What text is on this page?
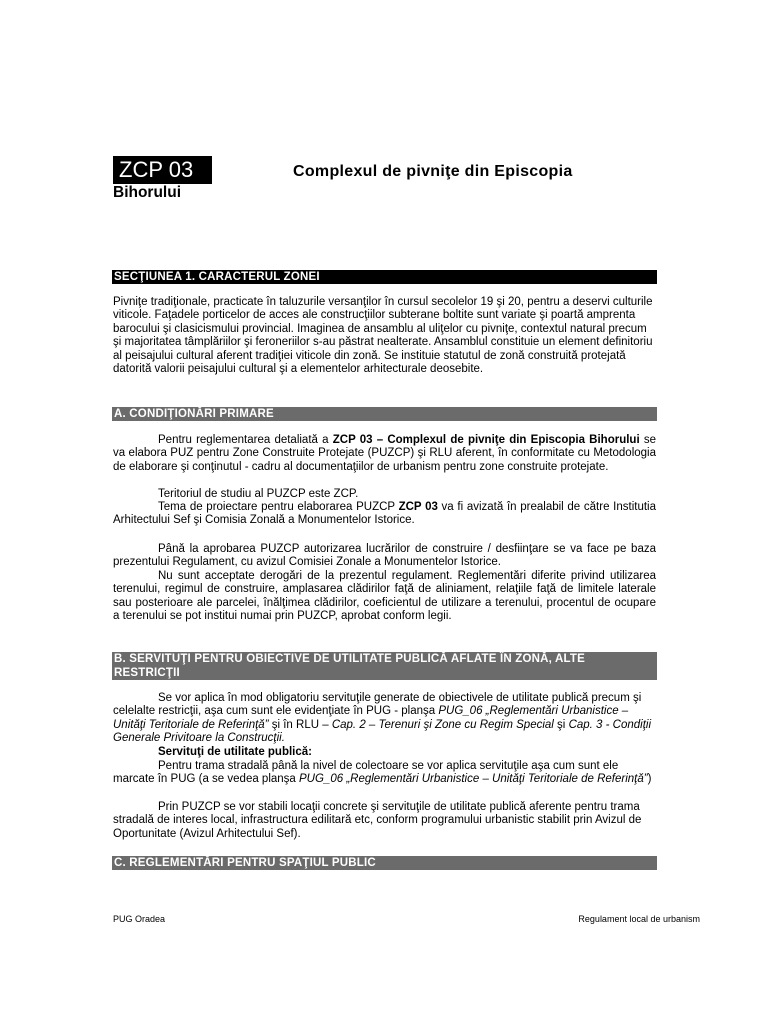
ZCP 03	Complexul de pivniţe din Episcopia
Bihorului
SECŢIUNEA 1. CARACTERUL ZONEI

Pivniţe tradiţionale, practicate în taluzurile versanţilor în cursul secolelor 19 şi 20, pentru a deservi culturile viticole. Faţadele porticelor de acces ale construcţiilor subterane boltite sunt variate şi poartă amprenta barocului şi clasicismului provincial. Imaginea de ansamblu al uliţelor cu pivniţe, contextul natural precum şi majoritatea tâmplăriilor şi feroneriilor s-au păstrat nealterate. Ansamblul constituie un element definitoriu al peisajului cultural aferent tradiţiei viticole din zonă. Se instituie statutul de zonă construită protejată datorită valorii peisajului cultural şi a elementelor arhitecturale deosebite.

A. CONDIŢIONĂRI PRIMARE

Pentru reglementarea detaliată a ZCP 03 – Complexul de pivniţe din Episcopia Bihorului se va elabora PUZ pentru Zone Construite Protejate (PUZCP) şi RLU aferent, în conformitate cu Metodologia de elaborare şi conţinutul - cadru al documentaţiilor de urbanism pentru zone construite protejate.

Teritoriul de studiu al PUZCP este ZCP.

Tema de proiectare pentru elaborarea PUZCP ZCP 03 va fi avizată în prealabil de către Institutia Arhitectului Sef şi Comisia Zonală a Monumentelor Istorice.

Până la aprobarea PUZCP autorizarea lucrărilor de construire / desfiinţare se va face pe baza prezentului Regulament, cu avizul Comisiei Zonale a Monumentelor Istorice.

Nu sunt acceptate derogări de la prezentul regulament. Reglementări diferite privind utilizarea terenului, regimul de construire, amplasarea clădirilor faţă de aliniament, relaţiile faţă de limitele laterale sau posterioare ale parcelei, înălţimea clădirilor, coeficientul de utilizare a terenului, procentul de ocupare a terenului se pot institui numai prin PUZCP, aprobat conform legii.

B. SERVITUŢI PENTRU OBIECTIVE DE UTILITATE PUBLICĂ AFLATE ÎN ZONĂ, ALTE
RESTRICŢII

Se vor aplica în mod obligatoriu servituţile generate de obiectivele de utilitate publică precum şi celelalte restricţii, aşa cum sunt ele evidenţiate în PUG - planşa PUG_06 „Reglementări Urbanistice – Unităţi Teritoriale de Referinţă” şi în RLU – Cap. 2 – Terenuri şi Zone cu Regim Special şi Cap. 3 - Condiţii Generale Privitoare la Construcţii.

Servituţi de utilitate publică:

Pentru trama stradală până la nivel de colectoare se vor aplica servituţile aşa cum sunt ele marcate în PUG (a se vedea planşa PUG_06 „Reglementări Urbanistice – Unităţi Teritoriale de Referinţă”)

Prin PUZCP se vor stabili locaţii concrete şi servituţile de utilitate publică aferente pentru trama stradală de interes local, infrastructura edilitară etc, conform programului urbanistic stabilit prin Avizul de Oportunitate (Avizul Arhitectului Sef).

C. REGLEMENTĂRI PENTRU SPAŢIUL PUBLIC
PUG Oradea	Regulament local de urbanism
